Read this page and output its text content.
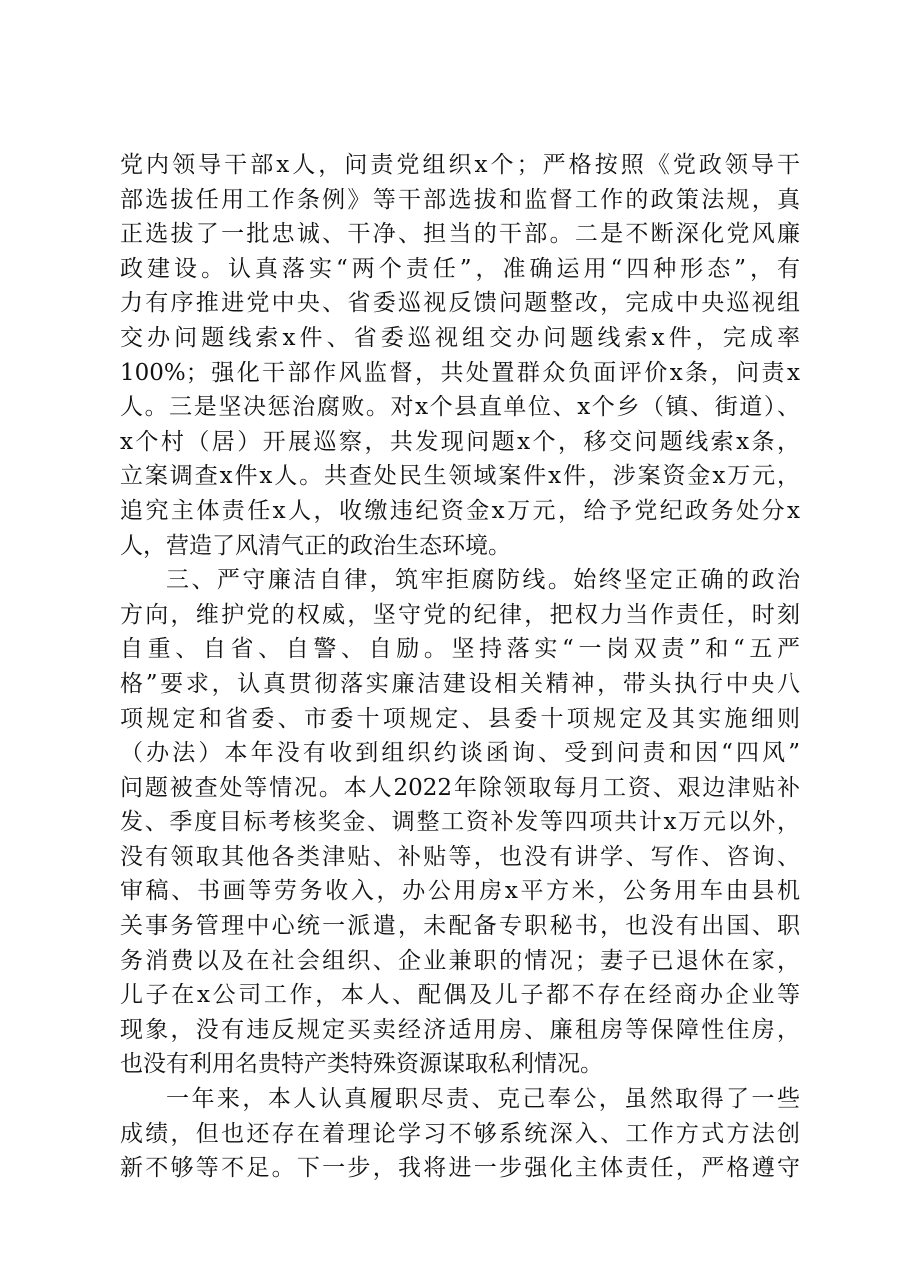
党内领导干部x人，问责党组织x个；严格按照《党政领导干
部选拔任用工作条例》等干部选拔和监督工作的政策法规，真
正选拔了一批忠诚、干净、担当的干部。二是不断深化党风廉
政建设。认真落实“两个责任”，准确运用“四种形态”，有
力有序推进党中央、省委巡视反馈问题整改，完成中央巡视组
交办问题线索x件、省委巡视组交办问题线索x件，完成率
100%；强化干部作风监督，共处置群众负面评价x条，问责x
人。三是坚决惩治腐败。对x个县直单位、x个乡（镇、街道）、
x个村（居）开展巡察，共发现问题x个，移交问题线索x条，
立案调查x件x人。共查处民生领域案件x件，涉案资金x万元，
追究主体责任x人，收缴违纪资金x万元，给予党纪政务处分x
人，营造了风清气正的政治生态环境。
三、严守廉洁自律，筑牢拒腐防线。始终坚定正确的政治
方向，维护党的权威，坚守党的纪律，把权力当作责任，时刻
自重、自省、自警、自励。坚持落实“一岗双责”和“五严
格”要求，认真贯彻落实廉洁建设相关精神，带头执行中央八
项规定和省委、市委十项规定、县委十项规定及其实施细则
（办法）本年没有收到组织约谈函询、受到问责和因“四风”
问题被查处等情况。本人2022年除领取每月工资、艰边津贴补
发、季度目标考核奖金、调整工资补发等四项共计x万元以外，
没有领取其他各类津贴、补贴等，也没有讲学、写作、咨询、
审稿、书画等劳务收入，办公用房x平方米，公务用车由县机
关事务管理中心统一派遣，未配备专职秘书，也没有出国、职
务消费以及在社会组织、企业兼职的情况；妻子已退休在家，
儿子在x公司工作，本人、配偶及儿子都不存在经商办企业等
现象，没有违反规定买卖经济适用房、廉租房等保障性住房，
也没有利用名贵特产类特殊资源谋取私利情况。
一年来，本人认真履职尽责、克己奉公，虽然取得了一些
成绩，但也还存在着理论学习不够系统深入、工作方式方法创
新不够等不足。下一步，我将进一步强化主体责任，严格遵守
